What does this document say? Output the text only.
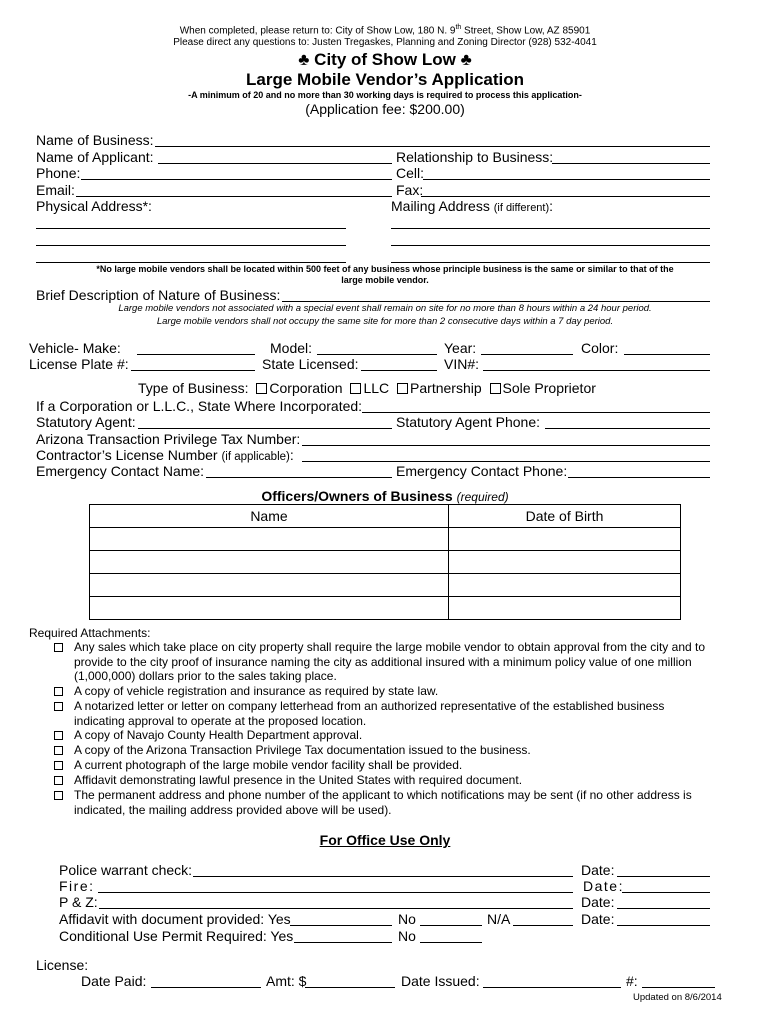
When completed, please return to: City of Show Low, 180 N. 9th Street, Show Low, AZ 85901
Please direct any questions to: Justen Tregaskes, Planning and Zoning Director (928) 532-4041
♣ City of Show Low ♣
Large Mobile Vendor’s Application
-A minimum of 20 and no more than 30 working days is required to process this application-
(Application fee: $200.00)
Name of Business:
Name of Applicant:	Relationship to Business:
Phone:	Cell:
Email:	Fax:
Physical Address*:	Mailing Address (if different):
*No large mobile vendors shall be located within 500 feet of any business whose principle business is the same or similar to that of the
large mobile vendor.
Brief Description of Nature of Business:
Large mobile vendors not associated with a special event shall remain on site for no more than 8 hours within a 24 hour period.
Large mobile vendors shall not occupy the same site for more than 2 consecutive days within a 7 day period.
Vehicle- Make:	Model:	Year:	Color:
License Plate #:	State Licensed:	VIN#:
Type of Business: Corporation LLC Partnership Sole Proprietor
If a Corporation or L.L.C., State Where Incorporated:
Statutory Agent:	Statutory Agent Phone:
Arizona Transaction Privilege Tax Number:
Contractor’s License Number (if applicable):
Emergency Contact Name:	Emergency Contact Phone:
Officers/Owners of Business (required)
Name	Date of Birth

Required Attachments:
Any sales which take place on city property shall require the large mobile vendor to obtain approval from the city and to provide to the city proof of insurance naming the city as additional insured with a minimum policy value of one million (1,000,000) dollars prior to the sales taking place.
A copy of vehicle registration and insurance as required by state law.
A notarized letter or letter on company letterhead from an authorized representative of the established business indicating approval to operate at the proposed location.
A copy of Navajo County Health Department approval.
A copy of the Arizona Transaction Privilege Tax documentation issued to the business.
A current photograph of the large mobile vendor facility shall be provided.
Affidavit demonstrating lawful presence in the United States with required document.
The permanent address and phone number of the applicant to which notifications may be sent (if no other address is indicated, the mailing address provided above will be used).
For Office Use Only
Police warrant check:	Date:
Fire:	Date:
P & Z:	Date:
Affidavit with document provided: Yes	No	N/A	Date:
Conditional Use Permit Required: Yes	No
License:
Date Paid:	Amt: $	Date Issued:	#:
Updated on 8/6/2014
